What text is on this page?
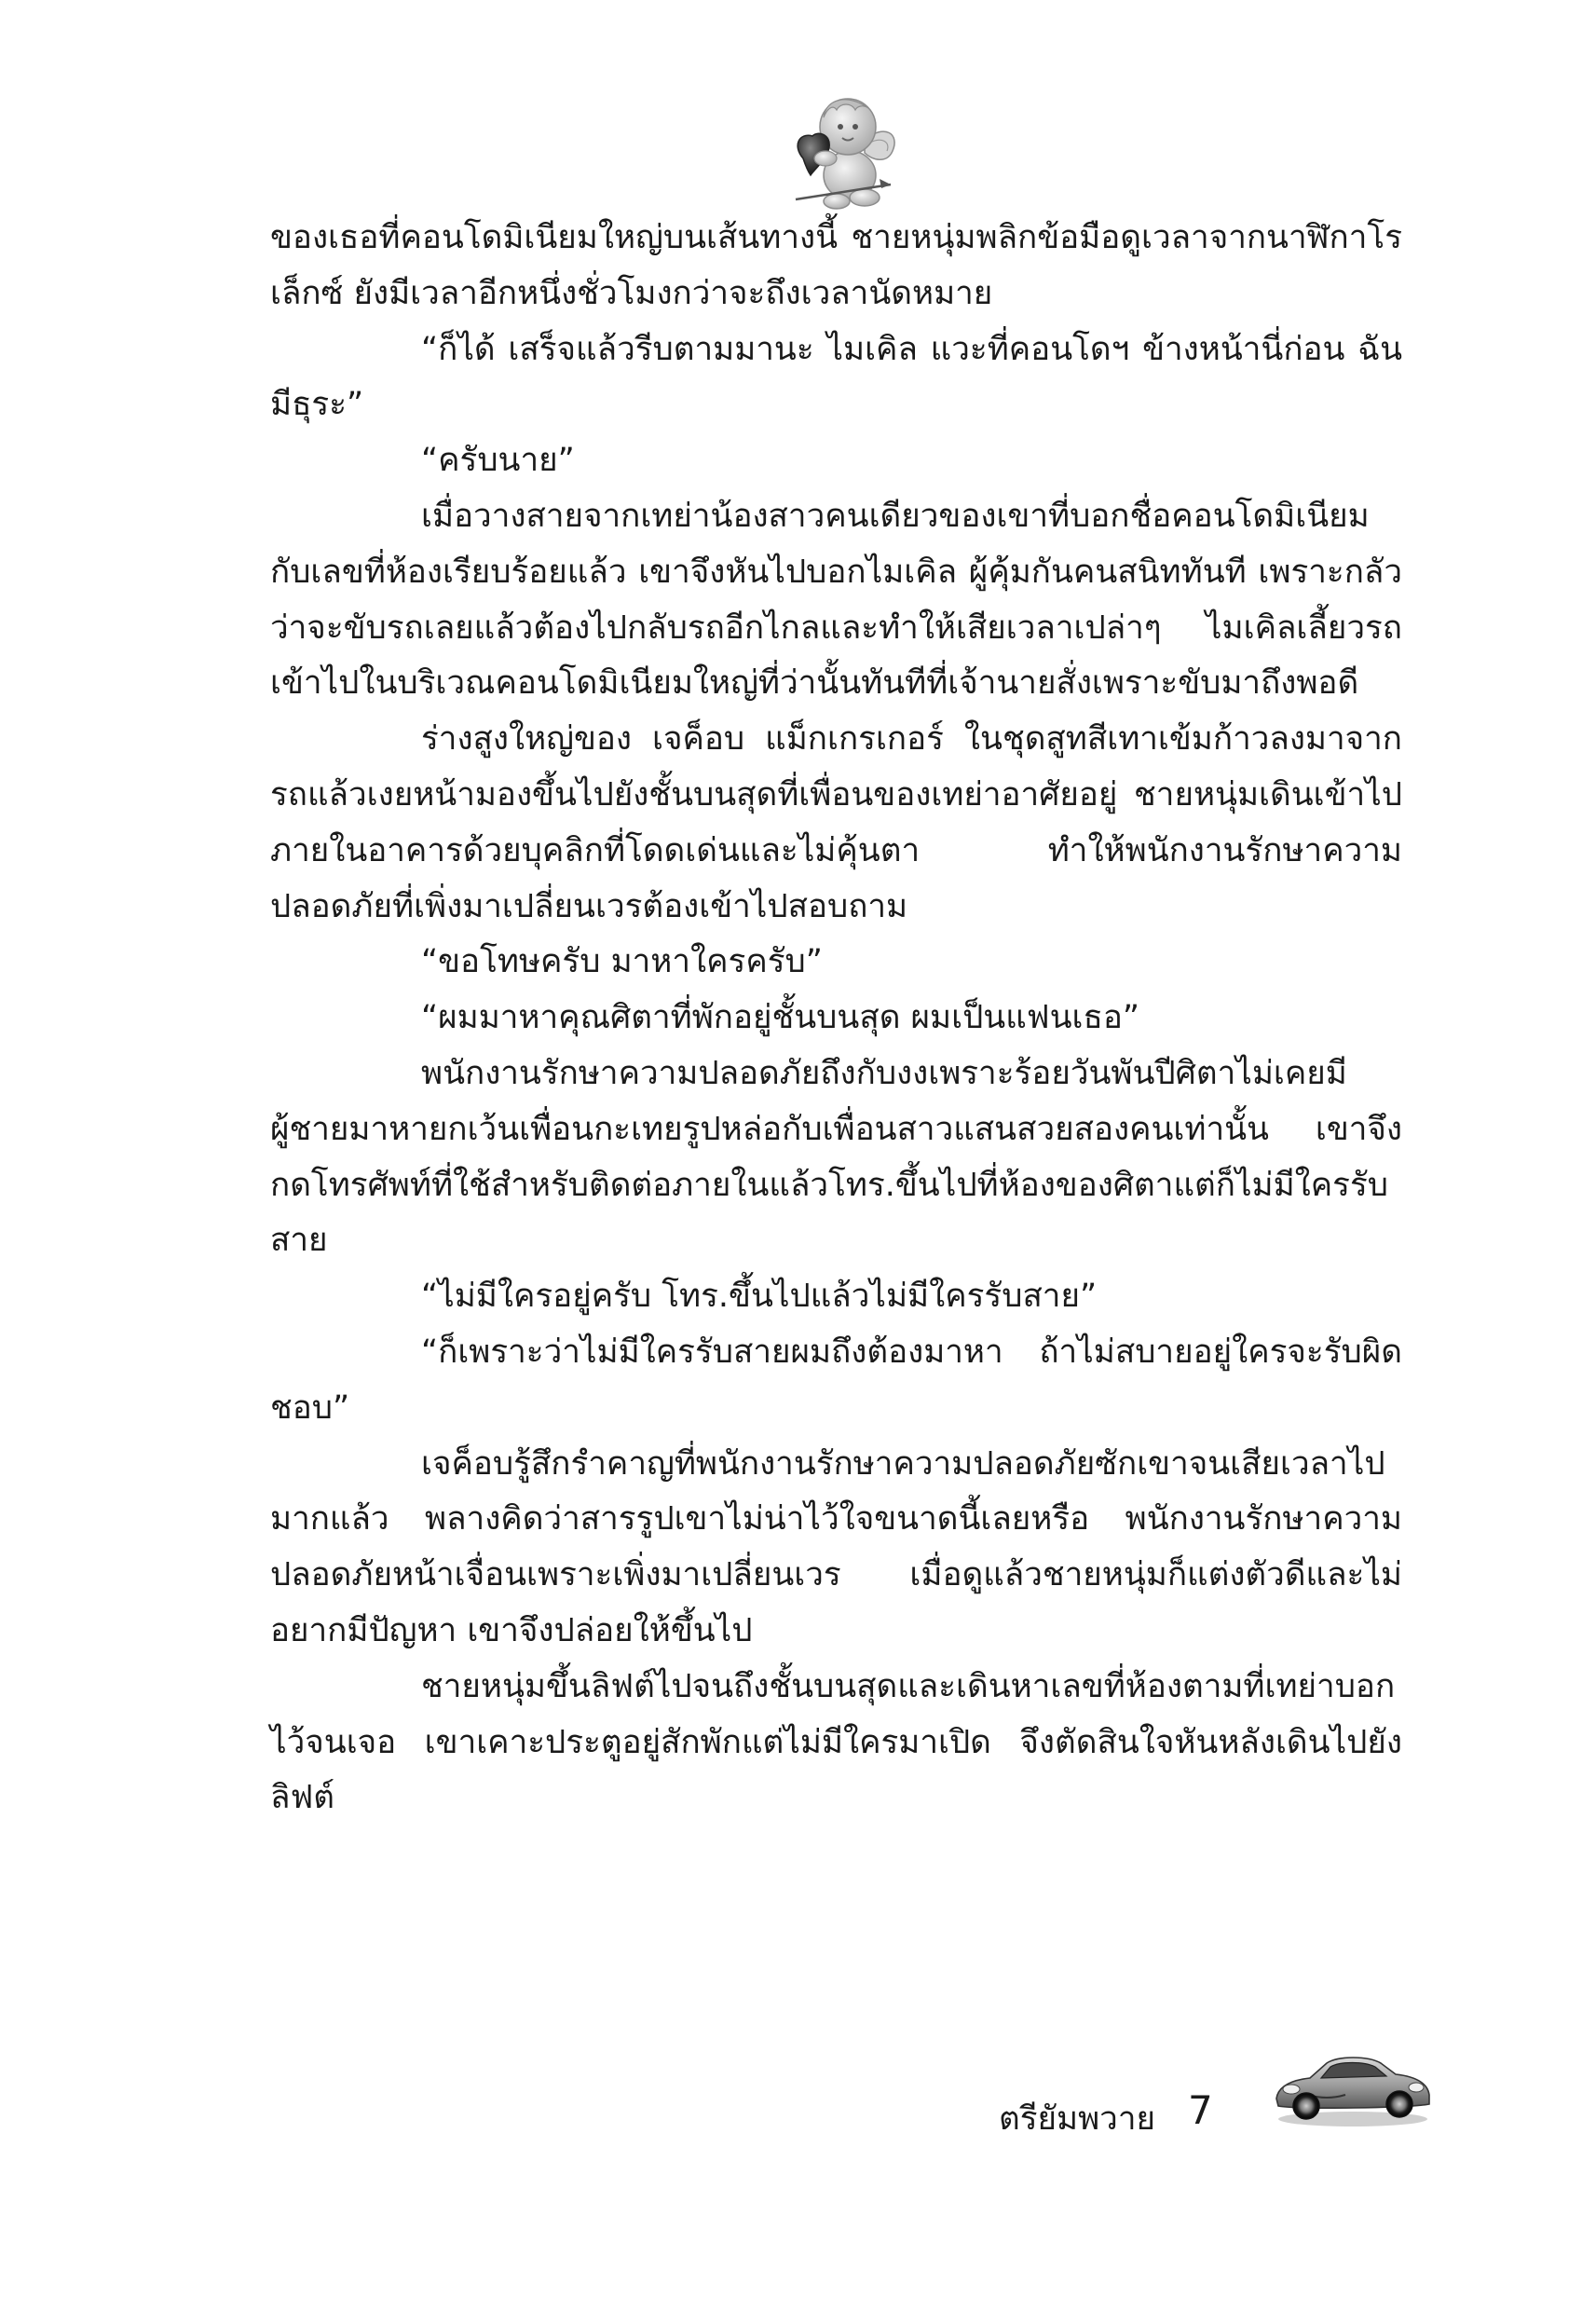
ของเธอที่คอนโดมิเนียมใหญ่บนเส้นทางนี้ ชายหนุ่มพลิกข้อมือดูเวลาจากนาฬิกาโรเล็กซ์ ยังมีเวลาอีกหนึ่งชั่วโมงกว่าจะถึงเวลานัดหมาย

“ก็ได้ เสร็จแล้วรีบตามมานะ ไมเคิล แวะที่คอนโดฯ ข้างหน้านี่ก่อน ฉันมีธุระ”

“ครับนาย”

เมื่อวางสายจากเทย่าน้องสาวคนเดียวของเขาที่บอกชื่อคอนโดมิเนียมกับเลขที่ห้องเรียบร้อยแล้ว เขาจึงหันไปบอกไมเคิล ผู้คุ้มกันคนสนิททันที เพราะกลัวว่าจะขับรถเลยแล้วต้องไปกลับรถอีกไกลและทำให้เสียเวลาเปล่าๆ ไมเคิลเลี้ยวรถเข้าไปในบริเวณคอนโดมิเนียมใหญ่ที่ว่านั้นทันทีที่เจ้านายสั่งเพราะขับมาถึงพอดี

ร่างสูงใหญ่ของ เจค็อบ แม็กเกรเกอร์ ในชุดสูทสีเทาเข้มก้าวลงมาจากรถแล้วเงยหน้ามองขึ้นไปยังชั้นบนสุดที่เพื่อนของเทย่าอาศัยอยู่ ชายหนุ่มเดินเข้าไปภายในอาคารด้วยบุคลิกที่โดดเด่นและไม่คุ้นตา ทำให้พนักงานรักษาความปลอดภัยที่เพิ่งมาเปลี่ยนเวรต้องเข้าไปสอบถาม

“ขอโทษครับ มาหาใครครับ”

“ผมมาหาคุณศิตาที่พักอยู่ชั้นบนสุด ผมเป็นแฟนเธอ”

พนักงานรักษาความปลอดภัยถึงกับงงเพราะร้อยวันพันปีศิตาไม่เคยมีผู้ชายมาหายกเว้นเพื่อนกะเทยรูปหล่อกับเพื่อนสาวแสนสวยสองคนเท่านั้น เขาจึงกดโทรศัพท์ที่ใช้สำหรับติดต่อภายในแล้วโทร.ขึ้นไปที่ห้องของศิตาแต่ก็ไม่มีใครรับสาย

“ไม่มีใครอยู่ครับ โทร.ขึ้นไปแล้วไม่มีใครรับสาย”

“ก็เพราะว่าไม่มีใครรับสายผมถึงต้องมาหา ถ้าไม่สบายอยู่ใครจะรับผิดชอบ”

เจค็อบรู้สึกรำคาญที่พนักงานรักษาความปลอดภัยซักเขาจนเสียเวลาไปมากแล้ว พลางคิดว่าสารรูปเขาไม่น่าไว้ใจขนาดนี้เลยหรือ พนักงานรักษาความปลอดภัยหน้าเจื่อนเพราะเพิ่งมาเปลี่ยนเวร เมื่อดูแล้วชายหนุ่มก็แต่งตัวดีและไม่อยากมีปัญหา เขาจึงปล่อยให้ขึ้นไป

ชายหนุ่มขึ้นลิฟต์ไปจนถึงชั้นบนสุดและเดินหาเลขที่ห้องตามที่เทย่าบอกไว้จนเจอ เขาเคาะประตูอยู่สักพักแต่ไม่มีใครมาเปิด จึงตัดสินใจหันหลังเดินไปยังลิฟต์

ตรียัมพวาย 7
